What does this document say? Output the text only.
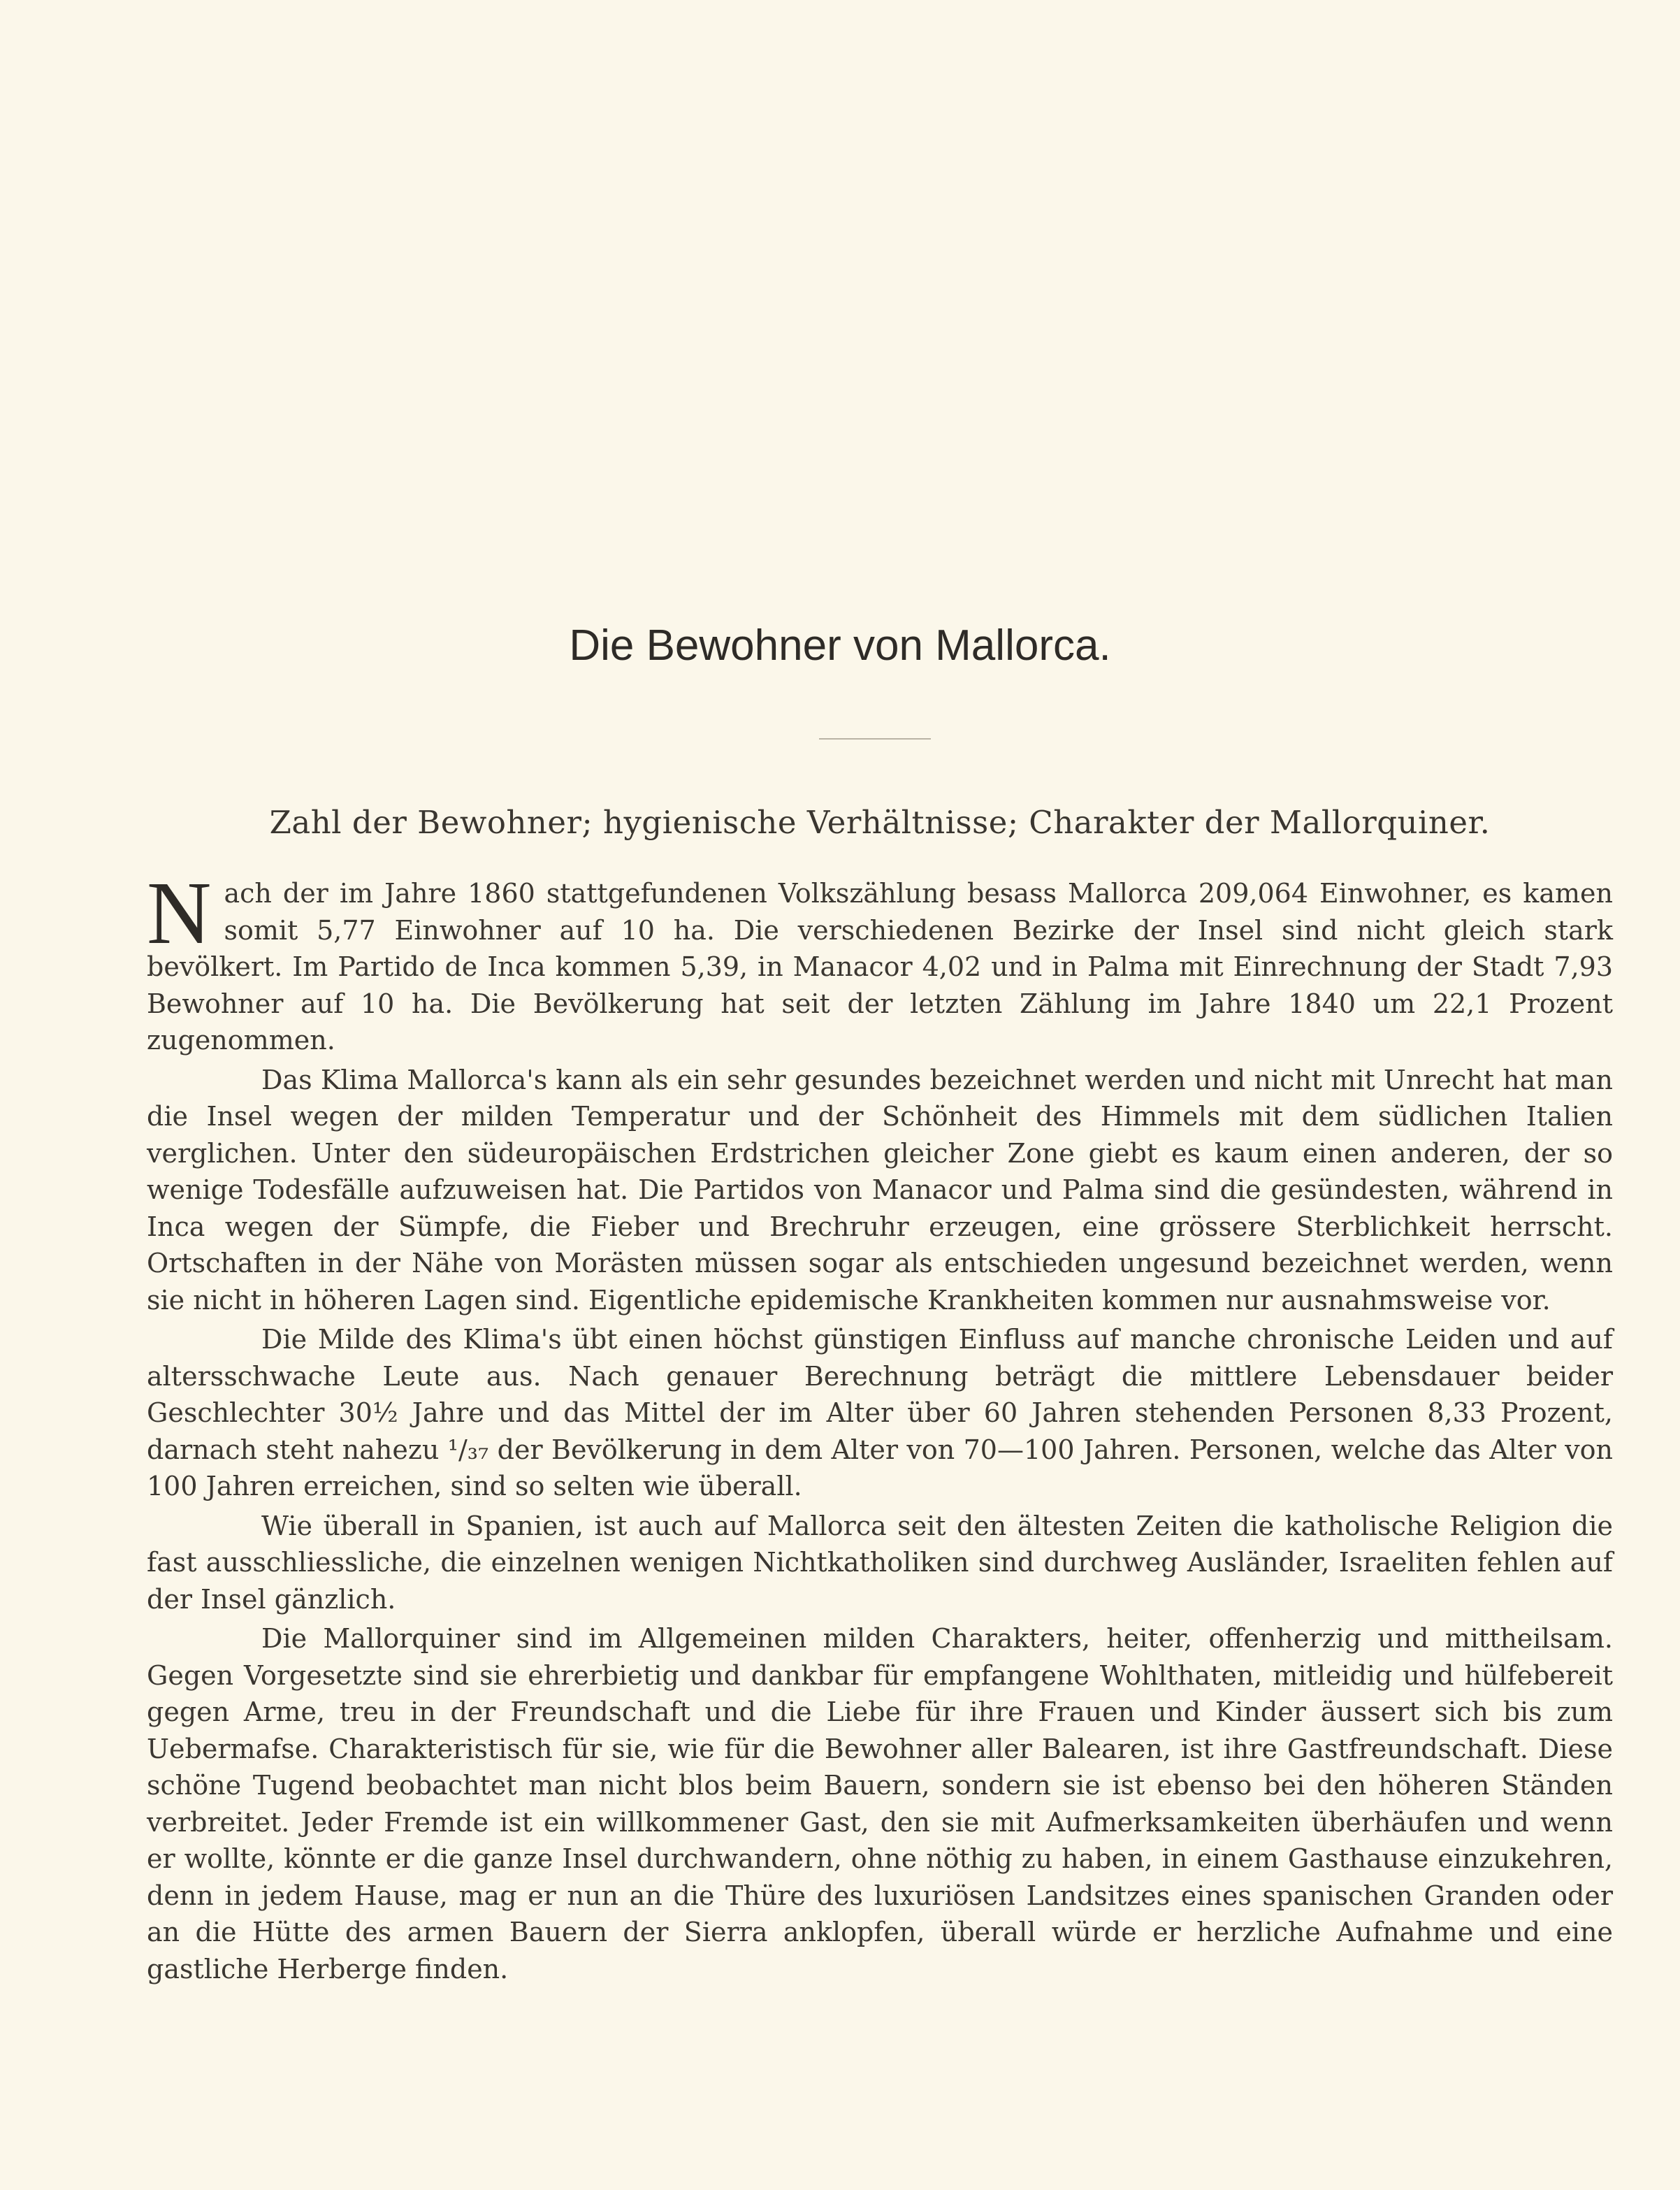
Die Bewohner von Mallorca.
Zahl der Bewohner; hygienische Verhältnisse; Charakter der Mallorquiner.

Nach der im Jahre 1860 stattgefundenen Volkszählung besass Mallorca 209,064 Einwohner, es kamen somit 5,77 Einwohner auf 10 ha. Die verschiedenen Bezirke der Insel sind nicht gleich stark bevölkert. Im Partido de Inca kommen 5,39, in Manacor 4,02 und in Palma mit Einrechnung der Stadt 7,93 Bewohner auf 10 ha. Die Bevölkerung hat seit der letzten Zählung im Jahre 1840 um 22,1 Prozent zugenommen.

Das Klima Mallorca's kann als ein sehr gesundes bezeichnet werden und nicht mit Unrecht hat man die Insel wegen der milden Temperatur und der Schönheit des Himmels mit dem südlichen Italien verglichen. Unter den südeuropäischen Erdstrichen gleicher Zone giebt es kaum einen anderen, der so wenige Todesfälle aufzuweisen hat. Die Partidos von Manacor und Palma sind die gesündesten, während in Inca wegen der Sümpfe, die Fieber und Brechruhr erzeugen, eine grössere Sterblichkeit herrscht. Ortschaften in der Nähe von Morästen müssen sogar als entschieden ungesund bezeichnet werden, wenn sie nicht in höheren Lagen sind. Eigentliche epidemische Krankheiten kommen nur ausnahmsweise vor.

Die Milde des Klima's übt einen höchst günstigen Einfluss auf manche chronische Leiden und auf altersschwache Leute aus. Nach genauer Berechnung beträgt die mittlere Lebensdauer beider Geschlechter 30½ Jahre und das Mittel der im Alter über 60 Jahren stehenden Personen 8,33 Prozent, darnach steht nahezu ¹/₃₇ der Bevölkerung in dem Alter von 70—100 Jahren. Personen, welche das Alter von 100 Jahren erreichen, sind so selten wie überall.

Wie überall in Spanien, ist auch auf Mallorca seit den ältesten Zeiten die katholische Religion die fast ausschliessliche, die einzelnen wenigen Nichtkatholiken sind durchweg Ausländer, Israeliten fehlen auf der Insel gänzlich.

Die Mallorquiner sind im Allgemeinen milden Charakters, heiter, offenherzig und mittheilsam. Gegen Vorgesetzte sind sie ehrerbietig und dankbar für empfangene Wohlthaten, mitleidig und hülfebereit gegen Arme, treu in der Freundschaft und die Liebe für ihre Frauen und Kinder äussert sich bis zum Uebermafse. Charakteristisch für sie, wie für die Bewohner aller Balearen, ist ihre Gastfreundschaft. Diese schöne Tugend beobachtet man nicht blos beim Bauern, sondern sie ist ebenso bei den höheren Ständen verbreitet. Jeder Fremde ist ein willkommener Gast, den sie mit Aufmerksamkeiten überhäufen und wenn er wollte, könnte er die ganze Insel durchwandern, ohne nöthig zu haben, in einem Gasthause einzukehren, denn in jedem Hause, mag er nun an die Thüre des luxuriösen Landsitzes eines spanischen Granden oder an die Hütte des armen Bauern der Sierra anklopfen, überall würde er herzliche Aufnahme und eine gastliche Herberge finden.
